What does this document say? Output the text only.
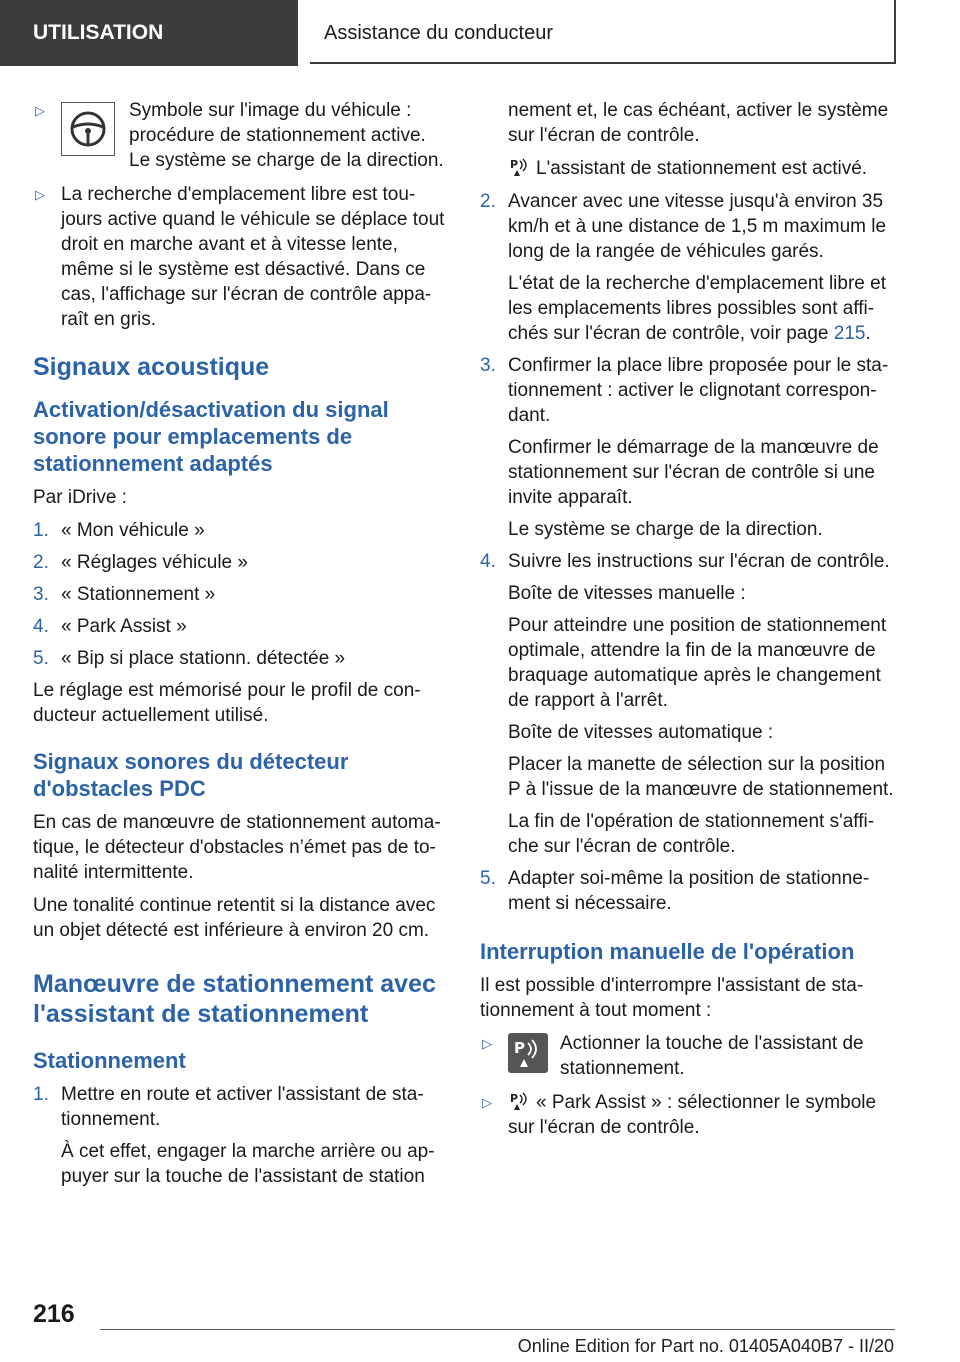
UTILISATION	Assistance du conducteur
▷	Symbole sur l'image du véhicule : procédure de stationnement active. Le système se charge de la direction.
▷ La recherche d'emplacement libre est toujours active quand le véhicule se déplace tout droit en marche avant et à vitesse lente, même si le système est désactivé. Dans ce cas, l'affichage sur l'écran de contrôle apparaît en gris.
Signaux acoustique
Activation/désactivation du signal sonore pour emplacements de stationnement adaptés

Par iDrive :

1. « Mon véhicule »
2. « Réglages véhicule »
3. « Stationnement »
4. « Park Assist »
5. « Bip si place stationn. détectée »

Le réglage est mémorisé pour le profil de conducteur actuellement utilisé.

Signaux sonores du détecteur d'obstacles PDC

En cas de manœuvre de stationnement automatique, le détecteur d'obstacles n’émet pas de tonalité intermittente.

Une tonalité continue retentit si la distance avec un objet détecté est inférieure à environ 20 cm.

Manœuvre de stationnement avec l'assistant de stationnement
Stationnement
1. Mettre en route et activer l'assistant de stationnement.
À cet effet, engager la marche arrière ou appuyer sur la touche de l'assistant de station

nement et, le cas échéant, activer le système sur l'écran de contrôle.

P L'assistant de stationnement est activé.

2. Avancer avec une vitesse jusqu'à environ 35 km/h et à une distance de 1,5 m maximum le long de la rangée de véhicules garés.
L'état de la recherche d'emplacement libre et les emplacements libres possibles sont affichés sur l'écran de contrôle, voir page 215.
3. Confirmer la place libre proposée pour le stationnement : activer le clignotant correspondant.
Confirmer le démarrage de la manœuvre de stationnement sur l'écran de contrôle si une invite apparaît.
Le système se charge de la direction.
4. Suivre les instructions sur l'écran de contrôle.
Boîte de vitesses manuelle :
Pour atteindre une position de stationnement optimale, attendre la fin de la manœuvre de braquage automatique après le changement de rapport à l'arrêt.
Boîte de vitesses automatique :
Placer la manette de sélection sur la position P à l'issue de la manœuvre de stationnement.
La fin de l'opération de stationnement s'affiche sur l'écran de contrôle.
5. Adapter soi-même la position de stationnement si nécessaire.
Interruption manuelle de l'opération

Il est possible d'interrompre l'assistant de stationnement à tout moment :

▷ P Actionner la touche de l'assistant de stationnement.
▷ P « Park Assist » : sélectionner le symbole sur l'écran de contrôle.
216
Online Edition for Part no. 01405A040B7 - II/20
